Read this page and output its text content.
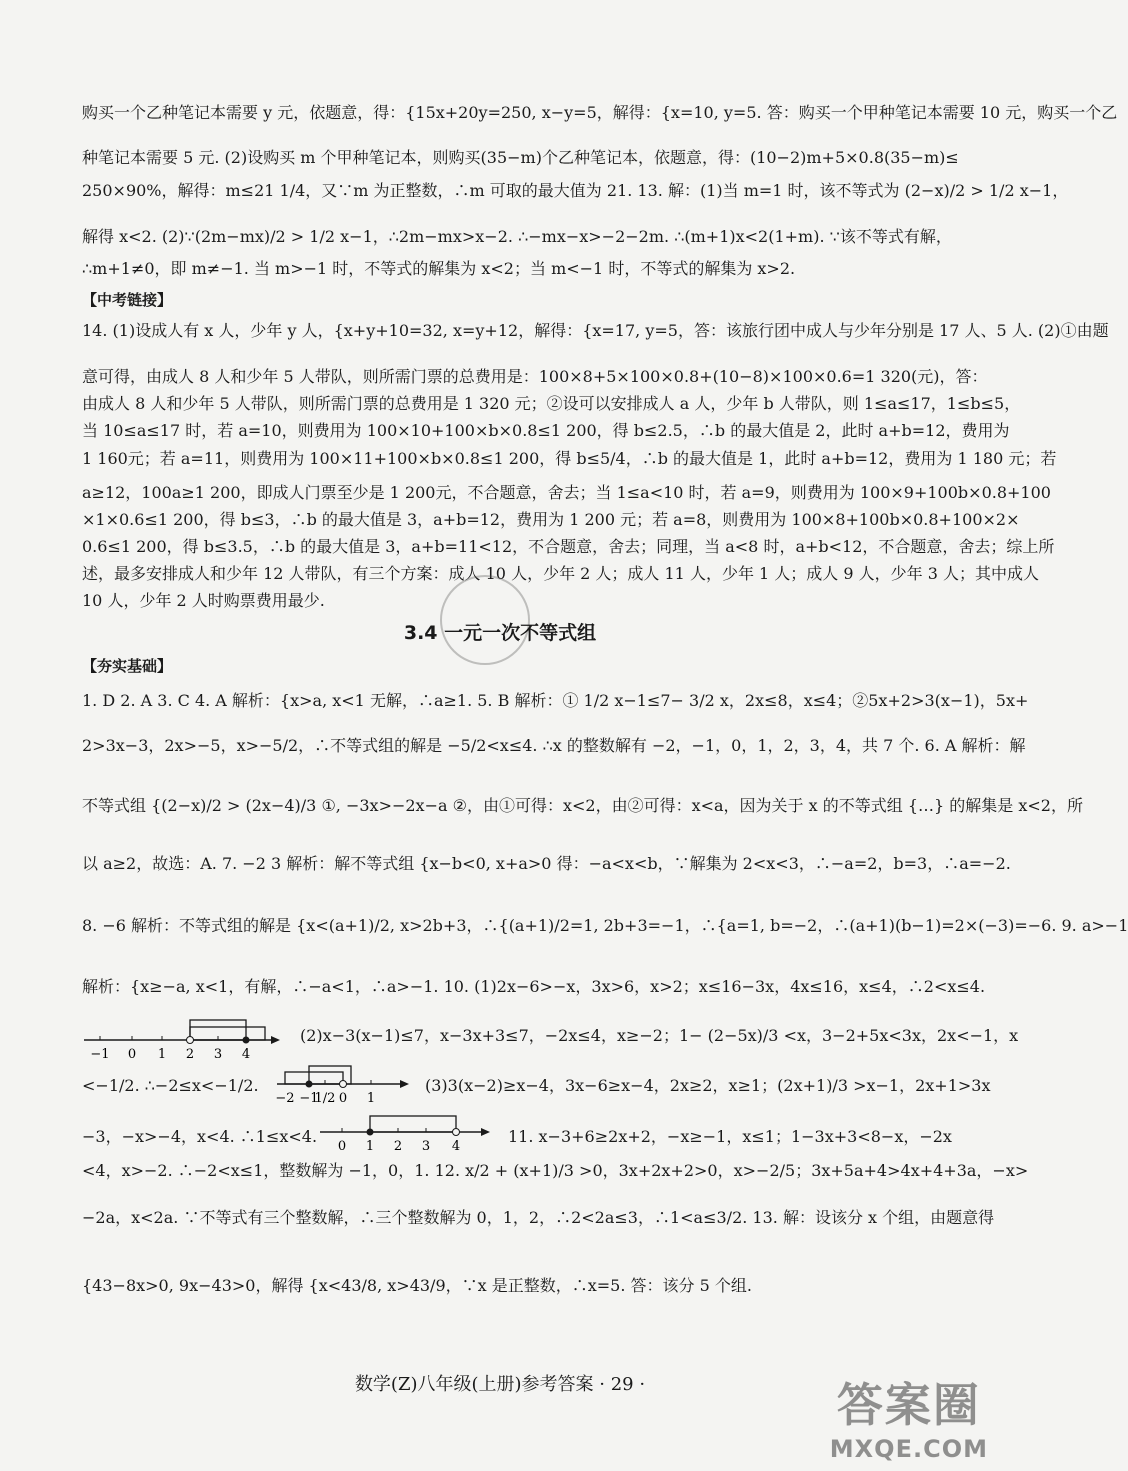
购买一个乙种笔记本需要 y 元，依题意，得：{15x+20y=250, x−y=5，解得：{x=10, y=5. 答：购买一个甲种笔记本需要 10 元，购买一个乙
种笔记本需要 5 元. (2)设购买 m 个甲种笔记本，则购买(35−m)个乙种笔记本，依题意，得：(10−2)m+5×0.8(35−m)≤
250×90%，解得：m≤21 1/4，又∵m 为正整数，∴m 可取的最大值为 21. 13. 解：(1)当 m=1 时，该不等式为 (2−x)/2 > 1/2 x−1，
解得 x<2. (2)∵(2m−mx)/2 > 1/2 x−1，∴2m−mx>x−2. ∴−mx−x>−2−2m. ∴(m+1)x<2(1+m). ∵该不等式有解，
∴m+1≠0，即 m≠−1. 当 m>−1 时，不等式的解集为 x<2；当 m<−1 时，不等式的解集为 x>2.
【中考链接】
14. (1)设成人有 x 人，少年 y 人，{x+y+10=32, x=y+12，解得：{x=17, y=5，答：该旅行团中成人与少年分别是 17 人、5 人. (2)①由题
意可得，由成人 8 人和少年 5 人带队，则所需门票的总费用是：100×8+5×100×0.8+(10−8)×100×0.6=1 320(元)，答：
由成人 8 人和少年 5 人带队，则所需门票的总费用是 1 320 元；②设可以安排成人 a 人，少年 b 人带队，则 1≤a≤17，1≤b≤5，
当 10≤a≤17 时，若 a=10，则费用为 100×10+100×b×0.8≤1 200，得 b≤2.5，∴b 的最大值是 2，此时 a+b=12，费用为
1 160元；若 a=11，则费用为 100×11+100×b×0.8≤1 200，得 b≤5/4，∴b 的最大值是 1，此时 a+b=12，费用为 1 180 元；若
a≥12，100a≥1 200，即成人门票至少是 1 200元，不合题意，舍去；当 1≤a<10 时，若 a=9，则费用为 100×9+100b×0.8+100
×1×0.6≤1 200，得 b≤3，∴b 的最大值是 3，a+b=12，费用为 1 200 元；若 a=8，则费用为 100×8+100b×0.8+100×2×
0.6≤1 200，得 b≤3.5，∴b 的最大值是 3，a+b=11<12，不合题意，舍去；同理，当 a<8 时，a+b<12，不合题意，舍去；综上所
述，最多安排成人和少年 12 人带队，有三个方案：成人 10 人，少年 2 人；成人 11 人，少年 1 人；成人 9 人，少年 3 人；其中成人
10 人，少年 2 人时购票费用最少.
3.4 一元一次不等式组
【夯实基础】
1. D 2. A 3. C 4. A 解析：{x>a, x<1 无解，∴a≥1. 5. B 解析：① 1/2 x−1≤7− 3/2 x，2x≤8，x≤4；②5x+2>3(x−1)，5x+
2>3x−3，2x>−5，x>−5/2，∴不等式组的解是 −5/2<x≤4. ∴x 的整数解有 −2，−1，0，1，2，3，4，共 7 个. 6. A 解析：解
不等式组 {(2−x)/2 > (2x−4)/3 ①, −3x>−2x−a ②，由①可得：x<2，由②可得：x<a，因为关于 x 的不等式组 {…} 的解集是 x<2，所
以 a≥2，故选：A. 7. −2 3 解析：解不等式组 {x−b<0, x+a>0 得：−a<x<b，∵解集为 2<x<3，∴−a=2，b=3，∴a=−2.
8. −6 解析：不等式组的解是 {x<(a+1)/2, x>2b+3，∴{(a+1)/2=1, 2b+3=−1，∴{a=1, b=−2，∴(a+1)(b−1)=2×(−3)=−6. 9. a>−1
解析：{x≥−a, x<1，有解，∴−a<1，∴a>−1. 10. (1)2x−6>−x，3x>6，x>2；x≤16−3x，4x≤16，x≤4，∴2<x≤4.
−1 0 1 2 3 4
(2)x−3(x−1)≤7，x−3x+3≤7，−2x≤4，x≥−2；1− (2−5x)/3 <x，3−2+5x<3x，2x<−1，x
<−1/2. ∴−2≤x<−1/2.
−2 −1
1/2 0 1
(3)3(x−2)≥x−4，3x−6≥x−4，2x≥2，x≥1；(2x+1)/3 >x−1，2x+1>3x
−3，−x>−4，x<4. ∴1≤x<4.
0 1 2 3 4
11. x−3+6≥2x+2，−x≥−1，x≤1；1−3x+3<8−x，−2x
<4，x>−2. ∴−2<x≤1，整数解为 −1，0，1. 12. x/2 + (x+1)/3 >0，3x+2x+2>0，x>−2/5；3x+5a+4>4x+4+3a，−x>
−2a，x<2a. ∵不等式有三个整数解，∴三个整数解为 0，1，2，∴2<2a≤3，∴1<a≤3/2. 13. 解：设该分 x 个组，由题意得
{43−8x>0, 9x−43>0，解得 {x<43/8, x>43/9，∵x 是正整数，∴x=5. 答：该分 5 个组.
数学(Z)八年级(上册)参考答案 · 29 ·	答案圈
MXQE.COM
